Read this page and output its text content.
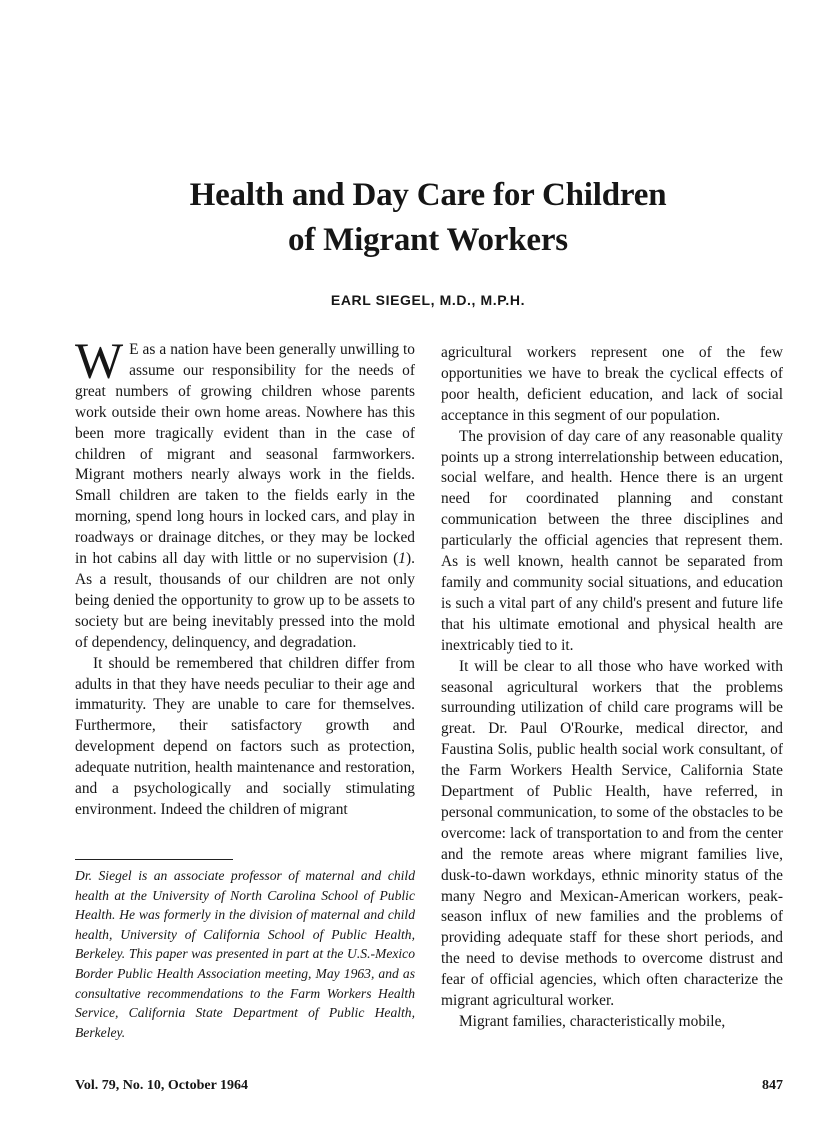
Health and Day Care for Children
of Migrant Workers

EARL SIEGEL, M.D., M.P.H.

W E as a nation have been generally unwilling to assume our responsibility for the needs of great numbers of growing children whose parents work outside their own home areas. Nowhere has this been more tragically evident than in the case of children of migrant and seasonal farmworkers. Migrant mothers nearly always work in the fields. Small children are taken to the fields early in the morning, spend long hours in locked cars, and play in roadways or drainage ditches, or they may be locked in hot cabins all day with little or no supervision (1). As a result, thousands of our children are not only being denied the opportunity to grow up to be assets to society but are being inevitably pressed into the mold of dependency, delinquency, and degradation.

It should be remembered that children differ from adults in that they have needs peculiar to their age and immaturity. They are unable to care for themselves. Furthermore, their satisfactory growth and development depend on factors such as protection, adequate nutrition, health maintenance and restoration, and a psychologically and socially stimulating environment. Indeed the children of migrant

agricultural workers represent one of the few opportunities we have to break the cyclical effects of poor health, deficient education, and lack of social acceptance in this segment of our population.

The provision of day care of any reasonable quality points up a strong interrelationship between education, social welfare, and health. Hence there is an urgent need for coordinated planning and constant communication between the three disciplines and particularly the official agencies that represent them. As is well known, health cannot be separated from family and community social situations, and education is such a vital part of any child's present and future life that his ultimate emotional and physical health are inextricably tied to it.

It will be clear to all those who have worked with seasonal agricultural workers that the problems surrounding utilization of child care programs will be great. Dr. Paul O'Rourke, medical director, and Faustina Solis, public health social work consultant, of the Farm Workers Health Service, California State Department of Public Health, have referred, in personal communication, to some of the obstacles to be overcome: lack of transportation to and from the center and the remote areas where migrant families live, dusk-to-dawn workdays, ethnic minority status of the many Negro and Mexican-American workers, peak-season influx of new families and the problems of providing adequate staff for these short periods, and the need to devise methods to overcome distrust and fear of official agencies, which often characterize the migrant agricultural worker.

Migrant families, characteristically mobile,

Dr. Siegel is an associate professor of maternal and child health at the University of North Carolina School of Public Health. He was formerly in the division of maternal and child health, University of California School of Public Health, Berkeley. This paper was presented in part at the U.S.-Mexico Border Public Health Association meeting, May 1963, and as consultative recommendations to the Farm Workers Health Service, California State Department of Public Health, Berkeley.

Vol. 79, No. 10, October 1964	847
